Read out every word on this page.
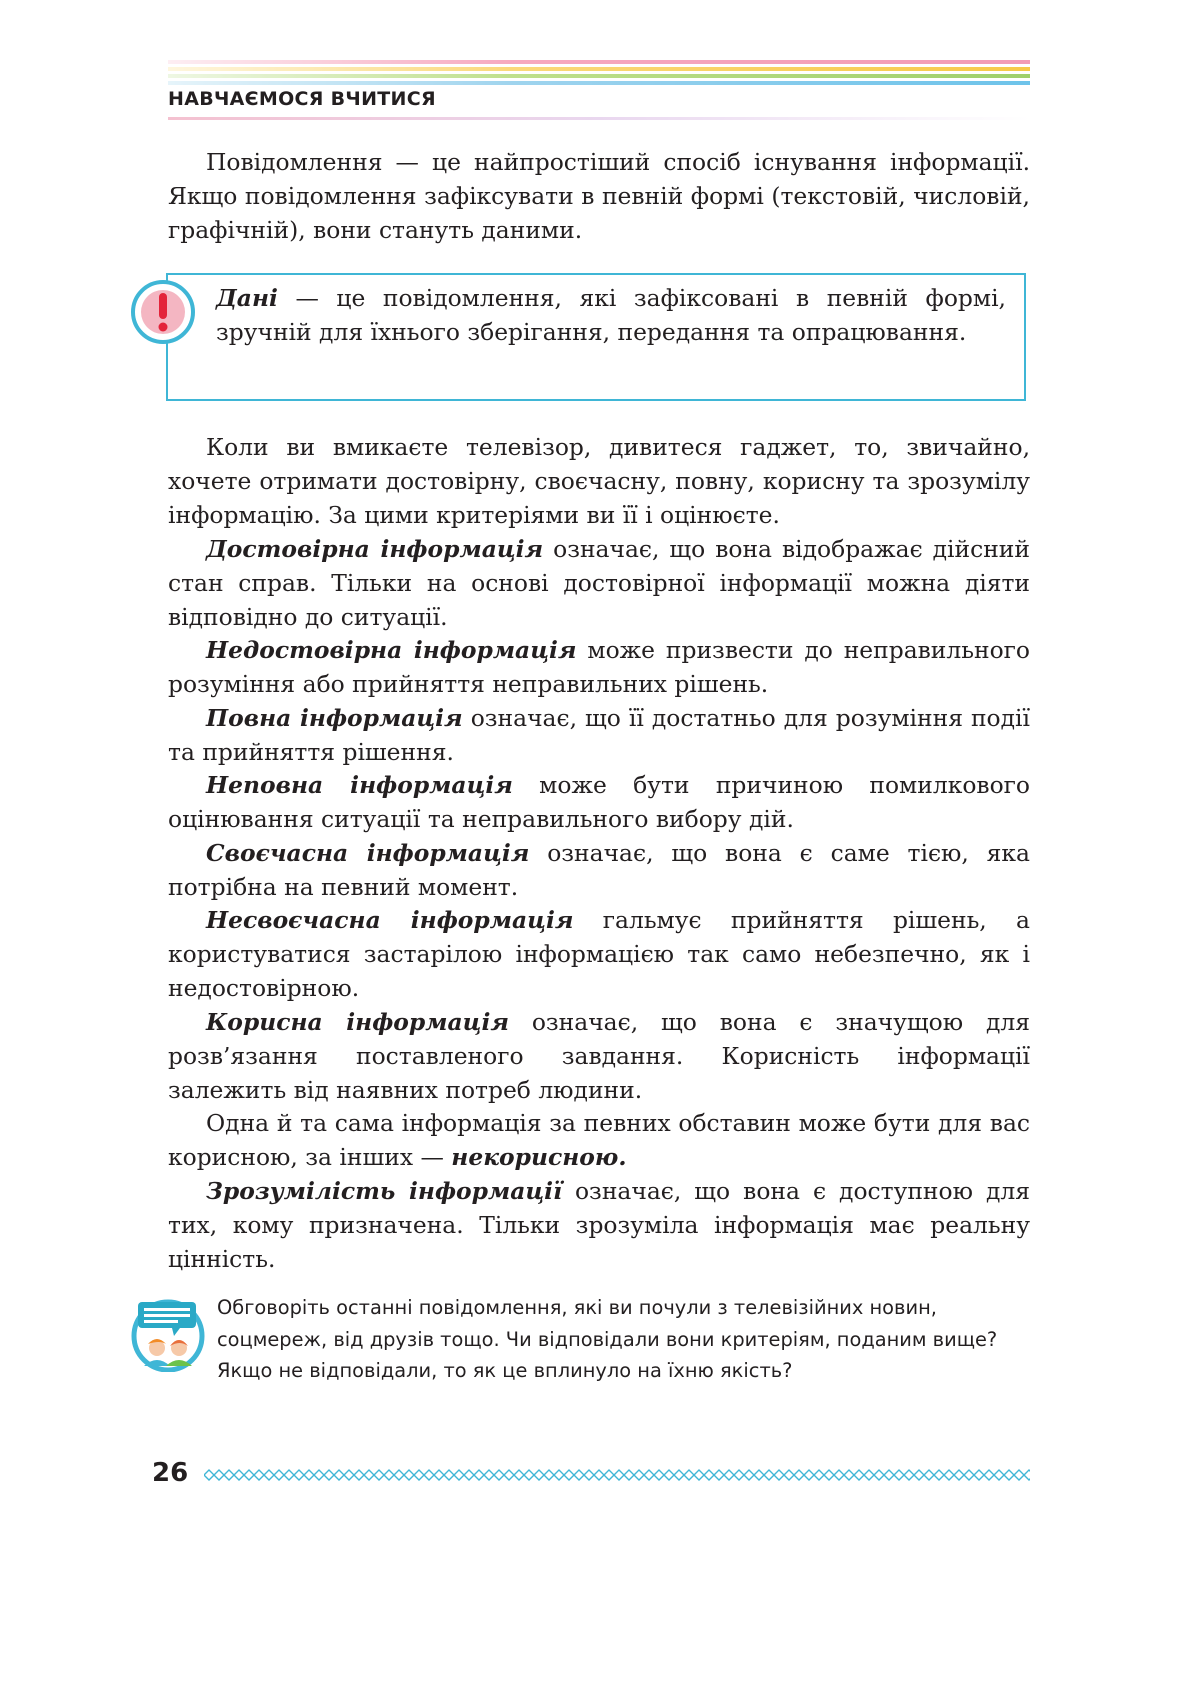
НАВЧАЄМОСЯ ВЧИТИСЯ

Повідомлення — це найпростіший спосіб існування інформації. Якщо повідомлення зафіксувати в певній формі (текстовій, числовій, графічній), вони стануть даними.

Дані — це повідомлення, які зафіксовані в певній формі, зручній для їхнього зберігання, передання та опрацювання.

Коли ви вмикаєте телевізор, дивитеся гаджет, то, звичайно, хочете отримати достовірну, своєчасну, повну, корисну та зрозумілу інформацію. За цими критеріями ви її і оцінюєте.

Достовірна інформація означає, що вона відображає дійсний стан справ. Тільки на основі достовірної інформації можна діяти відповідно до ситуації.

Недостовірна інформація може призвести до неправильного розуміння або прийняття неправильних рішень.

Повна інформація означає, що її достатньо для розуміння події та прийняття рішення.

Неповна інформація може бути причиною помилкового оцінювання ситуації та неправильного вибору дій.

Своєчасна інформація означає, що вона є саме тією, яка потрібна на певний момент.

Несвоєчасна інформація гальмує прийняття рішень, а користуватися застарілою інформацією так само небезпечно, як і недостовірною.

Корисна інформація означає, що вона є значущою для розв’язання поставленого завдання. Корисність інформації залежить від наявних потреб людини.

Одна й та сама інформація за певних обставин може бути для вас корисною, за інших — некорисною.

Зрозумілість інформації означає, що вона є доступною для тих, кому призначена. Тільки зрозуміла інформація має реальну цінність.

Обговоріть останні повідомлення, які ви почули з телевізійних новин, соцмереж, від друзів тощо. Чи відповідали вони критеріям, поданим вище? Якщо не відповідали, то як це вплинуло на їхню якість?

26
